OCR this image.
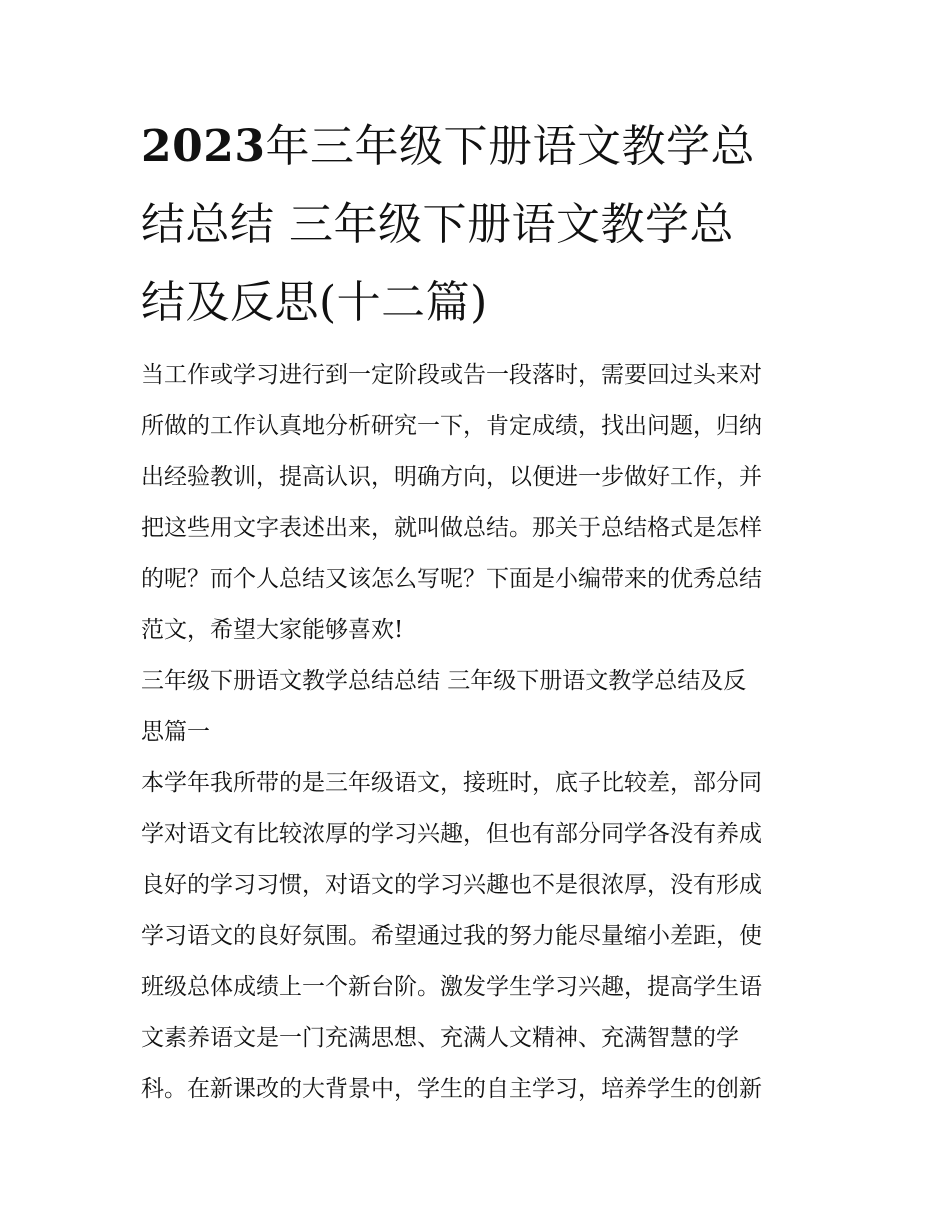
2023年三年级下册语文教学总
结总结 三年级下册语文教学总
结及反思(十二篇)

当工作或学习进行到一定阶段或告一段落时，需要回过头来对
所做的工作认真地分析研究一下，肯定成绩，找出问题，归纳
出经验教训，提高认识，明确方向，以便进一步做好工作，并
把这些用文字表述出来，就叫做总结。那关于总结格式是怎样
的呢？而个人总结又该怎么写呢？下面是小编带来的优秀总结
范文，希望大家能够喜欢!

三年级下册语文教学总结总结 三年级下册语文教学总结及反
思篇一

本学年我所带的是三年级语文，接班时，底子比较差，部分同
学对语文有比较浓厚的学习兴趣，但也有部分同学各没有养成
良好的学习习惯，对语文的学习兴趣也不是很浓厚，没有形成
学习语文的良好氛围。希望通过我的努力能尽量缩小差距，使
班级总体成绩上一个新台阶。激发学生学习兴趣，提高学生语
文素养语文是一门充满思想、充满人文精神、充满智慧的学
科。在新课改的大背景中，学生的自主学习，培养学生的创新
